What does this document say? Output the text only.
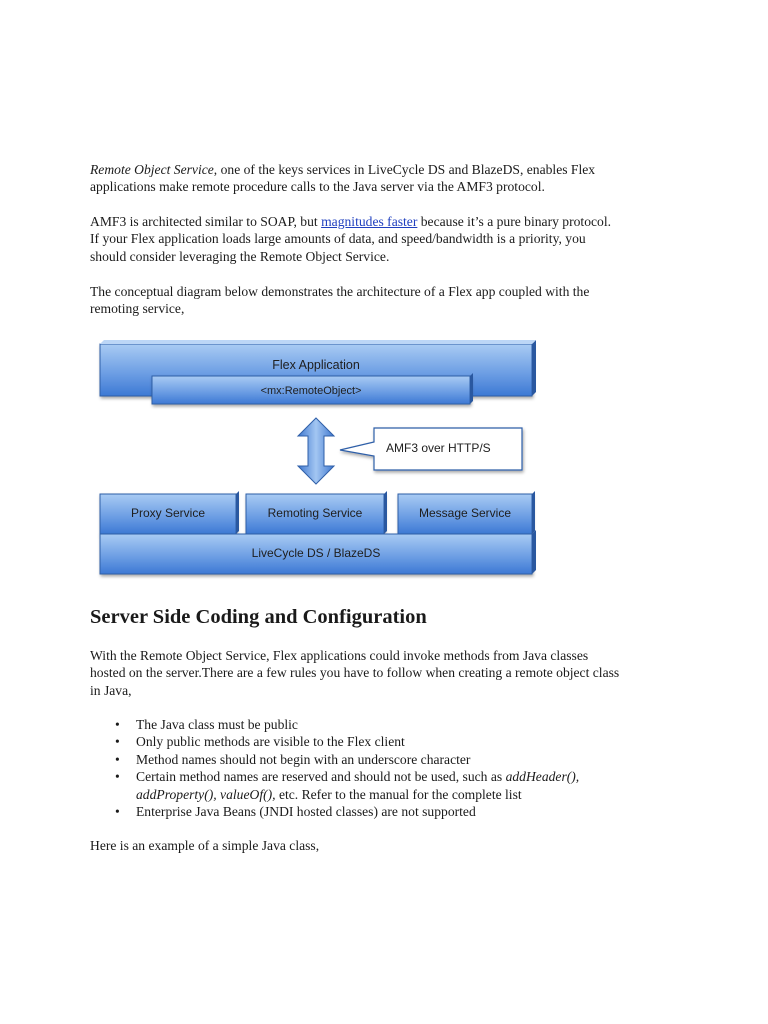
Remote Object Service, one of the keys services in LiveCycle DS and BlazeDS, enables Flex
applications make remote procedure calls to the Java server via the AMF3 protocol.

AMF3 is architected similar to SOAP, but magnitudes faster because it’s a pure binary protocol.
If your Flex application loads large amounts of data, and speed/bandwidth is a priority, you
should consider leveraging the Remote Object Service.

The conceptual diagram below demonstrates the architecture of a Flex app coupled with the
remoting service,

Flex Application
<mx:RemoteObject>
AMF3 over HTTP/S
Proxy Service	Remoting Service	Message Service
LiveCycle DS / BlazeDS
Server Side Coding and Configuration

With the Remote Object Service, Flex applications could invoke methods from Java classes
hosted on the server.There are a few rules you have to follow when creating a remote object class
in Java,

• The Java class must be public
• Only public methods are visible to the Flex client
• Method names should not begin with an underscore character
• Certain method names are reserved and should not be used, such as addHeader(),
addProperty(), valueOf(), etc. Refer to the manual for the complete list
• Enterprise Java Beans (JNDI hosted classes) are not supported

Here is an example of a simple Java class,
